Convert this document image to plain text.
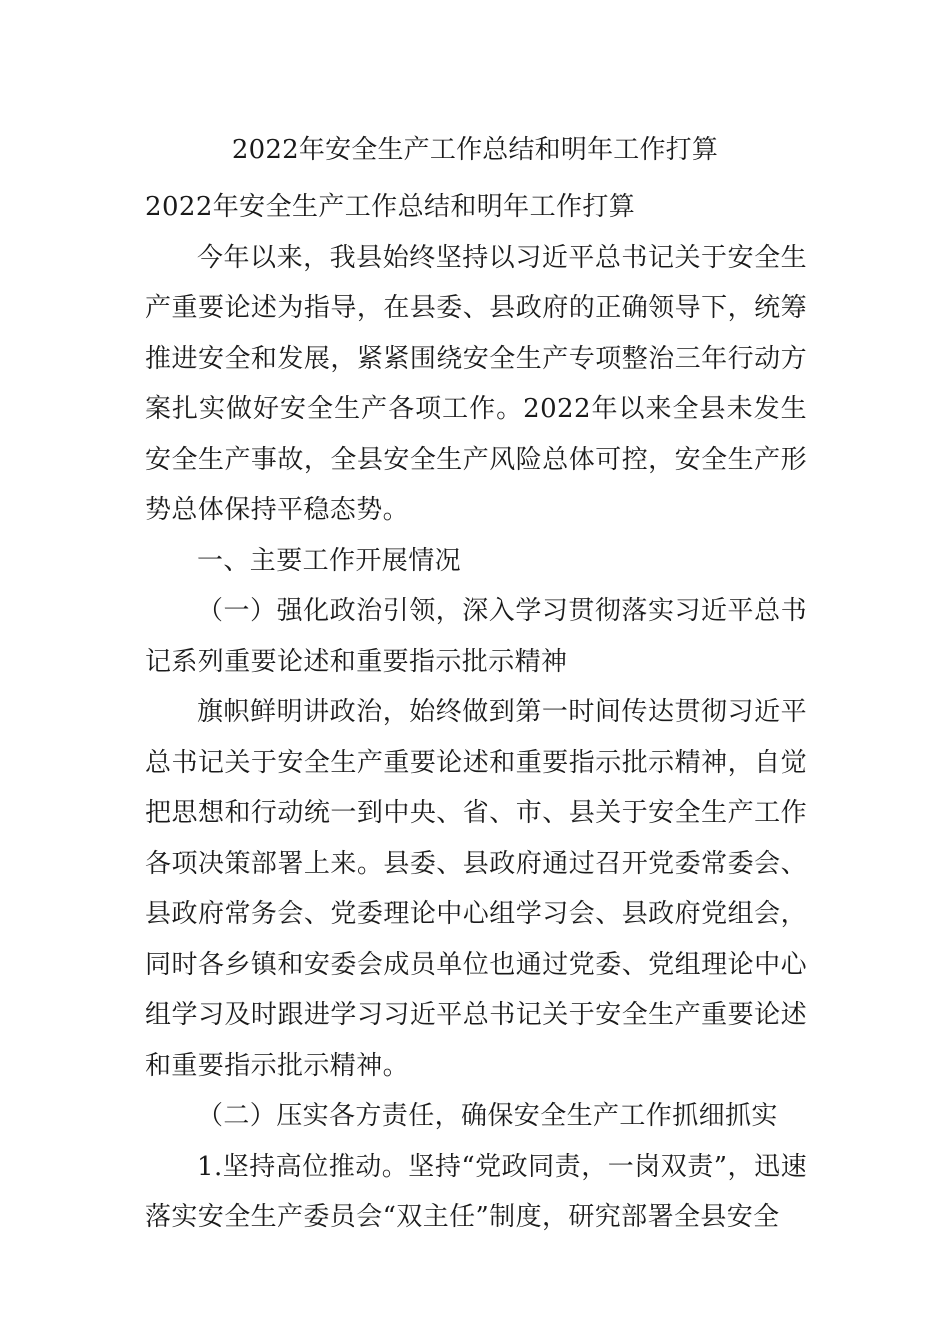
2022年安全生产工作总结和明年工作打算

2022年安全生产工作总结和明年工作打算

今年以来，我县始终坚持以习近平总书记关于安全生产重要论述为指导，在县委、县政府的正确领导下，统筹推进安全和发展，紧紧围绕安全生产专项整治三年行动方案扎实做好安全生产各项工作。2022年以来全县未发生安全生产事故，全县安全生产风险总体可控，安全生产形势总体保持平稳态势。

一、主要工作开展情况

（一）强化政治引领，深入学习贯彻落实习近平总书记系列重要论述和重要指示批示精神

旗帜鲜明讲政治，始终做到第一时间传达贯彻习近平总书记关于安全生产重要论述和重要指示批示精神，自觉把思想和行动统一到中央、省、市、县关于安全生产工作各项决策部署上来。县委、县政府通过召开党委常委会、县政府常务会、党委理论中心组学习会、县政府党组会，同时各乡镇和安委会成员单位也通过党委、党组理论中心组学习及时跟进学习习近平总书记关于安全生产重要论述和重要指示批示精神。

（二）压实各方责任，确保安全生产工作抓细抓实

1.坚持高位推动。坚持“党政同责，一岗双责”，迅速落实安全生产委员会“双主任”制度，研究部署全县安全
